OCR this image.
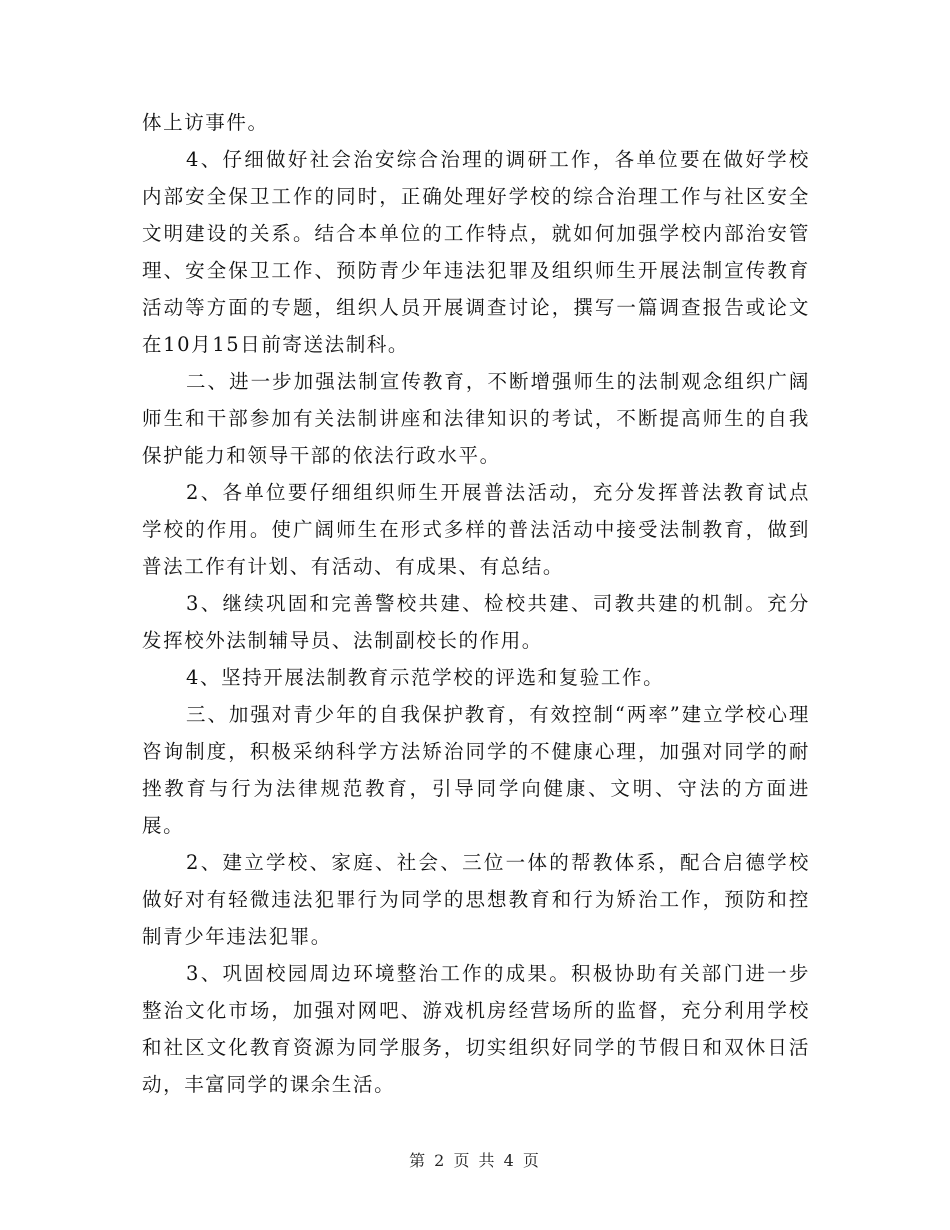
体上访事件。

4、仔细做好社会治安综合治理的调研工作，各单位要在做好学校内部安全保卫工作的同时，正确处理好学校的综合治理工作与社区安全文明建设的关系。结合本单位的工作特点，就如何加强学校内部治安管理、安全保卫工作、预防青少年违法犯罪及组织师生开展法制宣传教育活动等方面的专题，组织人员开展调查讨论，撰写一篇调查报告或论文在10月15日前寄送法制科。

二、进一步加强法制宣传教育，不断增强师生的法制观念组织广阔师生和干部参加有关法制讲座和法律知识的考试，不断提高师生的自我保护能力和领导干部的依法行政水平。

2、各单位要仔细组织师生开展普法活动，充分发挥普法教育试点学校的作用。使广阔师生在形式多样的普法活动中接受法制教育，做到普法工作有计划、有活动、有成果、有总结。

3、继续巩固和完善警校共建、检校共建、司教共建的机制。充分发挥校外法制辅导员、法制副校长的作用。

4、坚持开展法制教育示范学校的评选和复验工作。

三、加强对青少年的自我保护教育，有效控制“两率”建立学校心理咨询制度，积极采纳科学方法矫治同学的不健康心理，加强对同学的耐挫教育与行为法律规范教育，引导同学向健康、文明、守法的方面进展。

2、建立学校、家庭、社会、三位一体的帮教体系，配合启德学校做好对有轻微违法犯罪行为同学的思想教育和行为矫治工作，预防和控制青少年违法犯罪。

3、巩固校园周边环境整治工作的成果。积极协助有关部门进一步整治文化市场，加强对网吧、游戏机房经营场所的监督，充分利用学校和社区文化教育资源为同学服务，切实组织好同学的节假日和双休日活动，丰富同学的课余生活。

第 2 页 共 4 页
